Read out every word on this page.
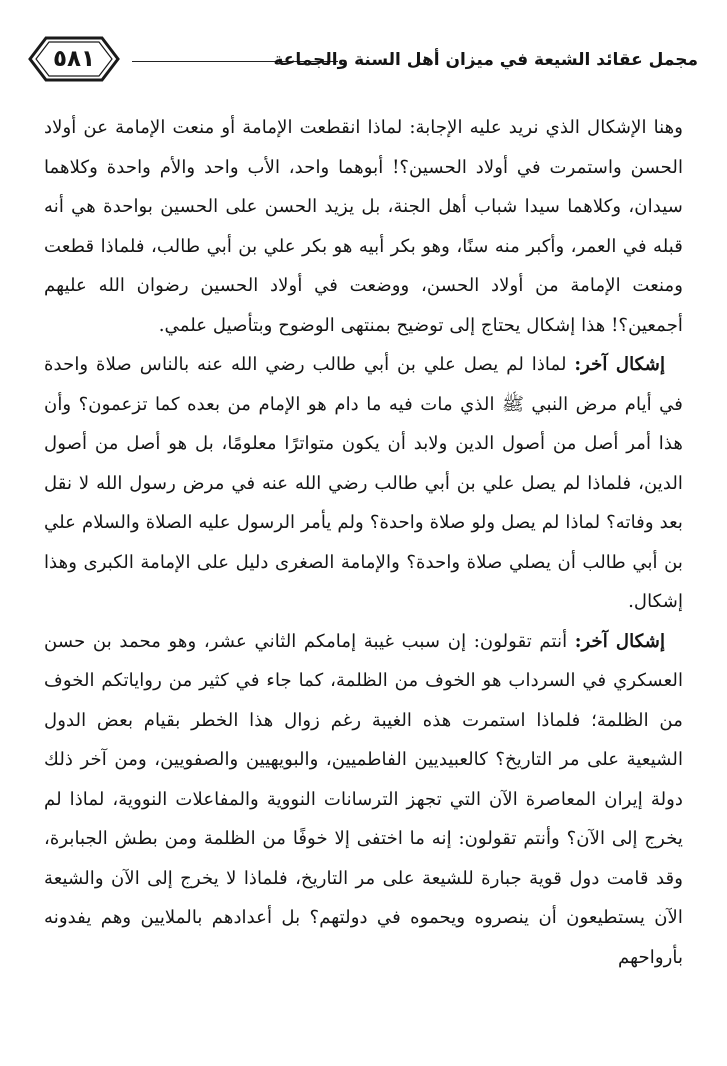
٥٨١	مجمل عقائد الشيعة في ميزان أهل السنة والجماعة

وهنا الإشكال الذي نريد عليه الإجابة: لماذا انقطعت الإمامة أو منعت الإمامة عن أولاد الحسن واستمرت في أولاد الحسين؟! أبوهما واحد، الأب واحد والأم واحدة وكلاهما سيدان، وكلاهما سيدا شباب أهل الجنة، بل يزيد الحسن على الحسين بواحدة هي أنه قبله في العمر، وأكبر منه سنًا، وهو بكر أبيه هو بكر علي بن أبي طالب، فلماذا قطعت ومنعت الإمامة من أولاد الحسن، ووضعت في أولاد الحسين رضوان الله عليهم أجمعين؟! هذا إشكال يحتاج إلى توضيح بمنتهى الوضوح وبتأصيل علمي.

إشكال آخر: لماذا لم يصل علي بن أبي طالب رضي الله عنه بالناس صلاة واحدة في أيام مرض النبي ﷺ الذي مات فيه ما دام هو الإمام من بعده كما تزعمون؟ وأن هذا أمر أصل من أصول الدين ولابد أن يكون متواترًا معلومًا، بل هو أصل من أصول الدين، فلماذا لم يصل علي بن أبي طالب رضي الله عنه في مرض رسول الله لا نقل بعد وفاته؟ لماذا لم يصل ولو صلاة واحدة؟ ولم يأمر الرسول عليه الصلاة والسلام علي بن أبي طالب أن يصلي صلاة واحدة؟ والإمامة الصغرى دليل على الإمامة الكبرى وهذا إشكال.

إشكال آخر: أنتم تقولون: إن سبب غيبة إمامكم الثاني عشر، وهو محمد بن حسن العسكري في السرداب هو الخوف من الظلمة، كما جاء في كثير من رواياتكم الخوف من الظلمة؛ فلماذا استمرت هذه الغيبة رغم زوال هذا الخطر بقيام بعض الدول الشيعية على مر التاريخ؟ كالعبيديين الفاطميين، والبويهيين والصفويين، ومن آخر ذلك دولة إيران المعاصرة الآن التي تجهز الترسانات النووية والمفاعلات النووية، لماذا لم يخرج إلى الآن؟ وأنتم تقولون: إنه ما اختفى إلا خوفًا من الظلمة ومن بطش الجبابرة، وقد قامت دول قوية جبارة للشيعة على مر التاريخ، فلماذا لا يخرج إلى الآن والشيعة الآن يستطيعون أن ينصروه ويحموه في دولتهم؟ بل أعدادهم بالملايين وهم يفدونه بأرواحهم
